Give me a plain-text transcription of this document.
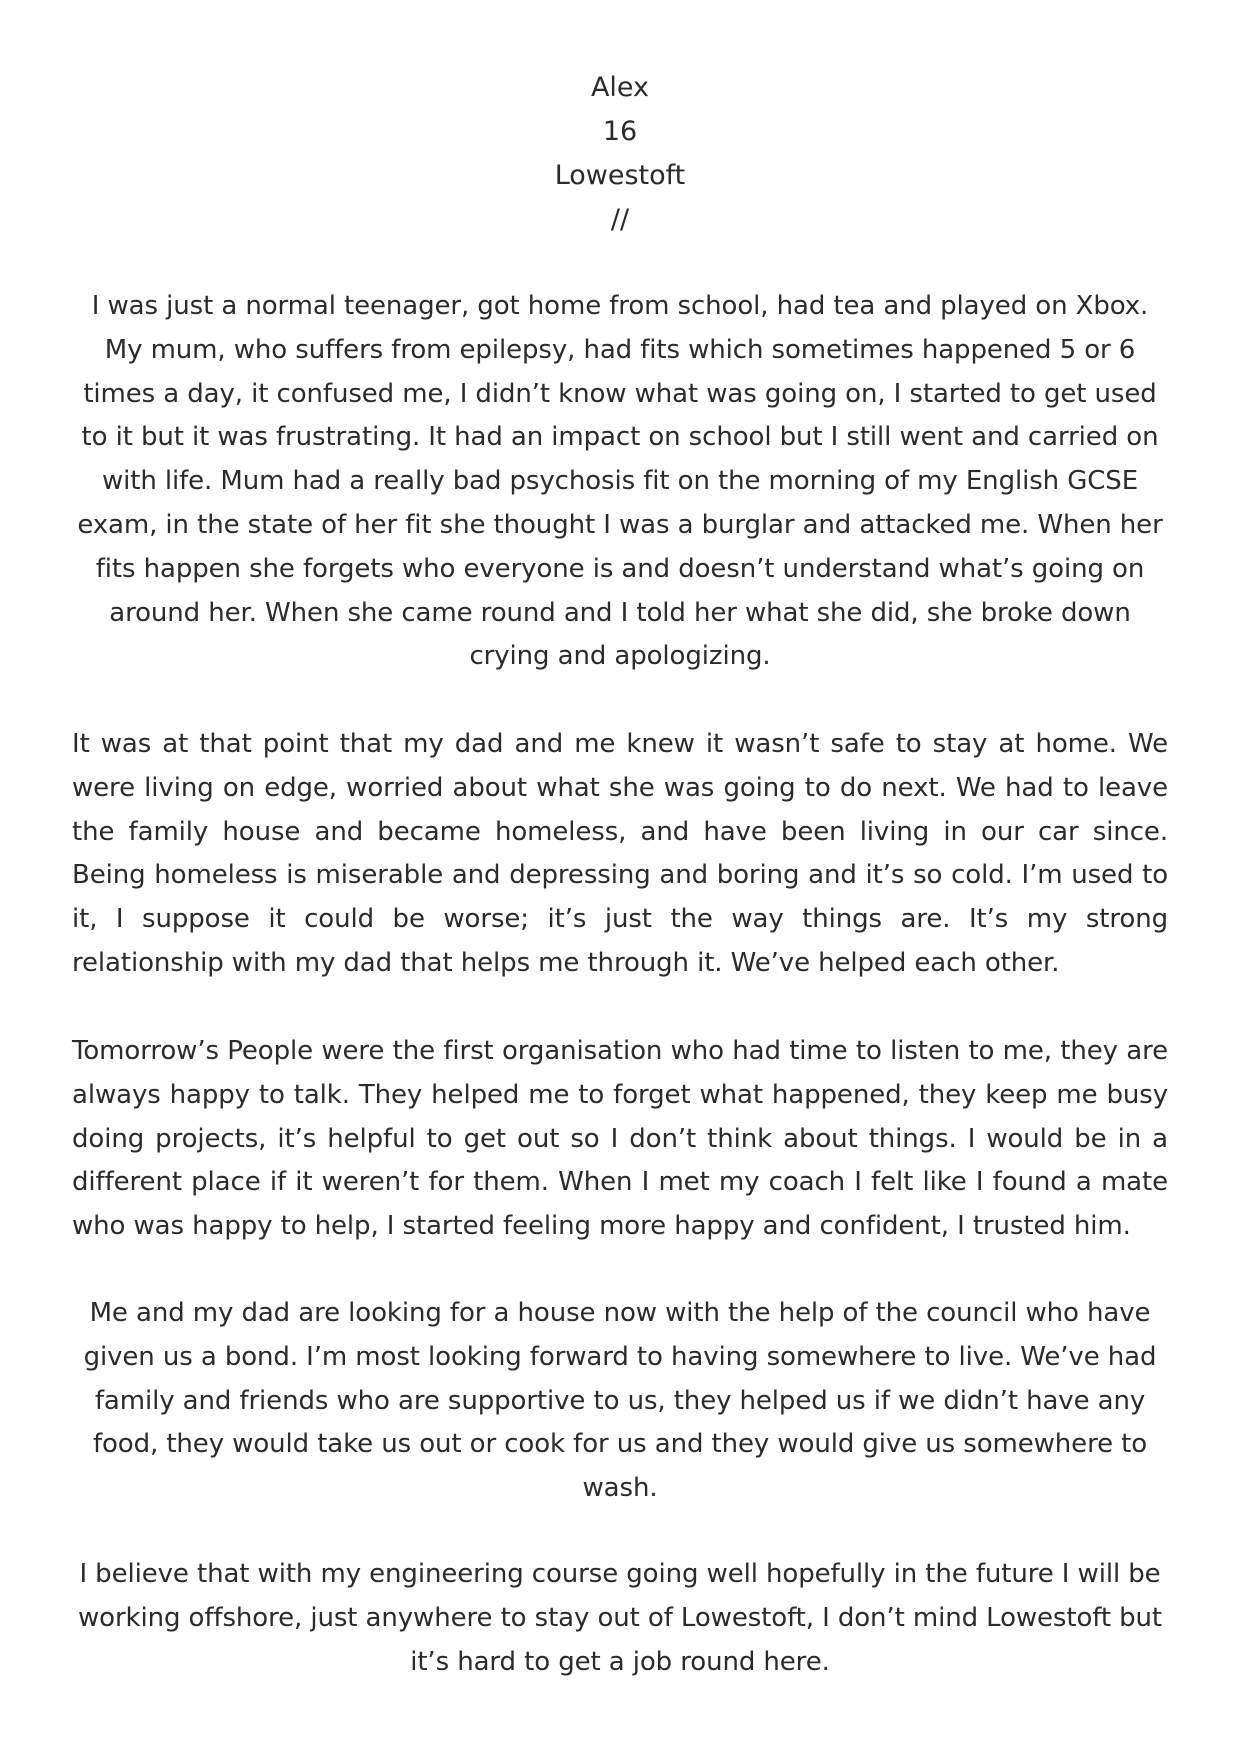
Alex
16
Lowestoft
//

I was just a normal teenager, got home from school, had tea and played on Xbox. My mum, who suffers from epilepsy, had fits which sometimes happened 5 or 6 times a day, it confused me, I didn’t know what was going on, I started to get used to it but it was frustrating. It had an impact on school but I still went and carried on with life. Mum had a really bad psychosis fit on the morning of my English GCSE exam, in the state of her fit she thought I was a burglar and attacked me. When her fits happen she forgets who everyone is and doesn’t understand what’s going on around her. When she came round and I told her what she did, she broke down crying and apologizing.

It was at that point that my dad and me knew it wasn’t safe to stay at home. We were living on edge, worried about what she was going to do next. We had to leave the family house and became homeless, and have been living in our car since. Being homeless is miserable and depressing and boring and it’s so cold. I’m used to it, I suppose it could be worse; it’s just the way things are. It’s my strong relationship with my dad that helps me through it. We’ve helped each other.

Tomorrow’s People were the first organisation who had time to listen to me, they are always happy to talk. They helped me to forget what happened, they keep me busy doing projects, it’s helpful to get out so I don’t think about things. I would be in a different place if it weren’t for them. When I met my coach I felt like I found a mate who was happy to help, I started feeling more happy and confident, I trusted him.

Me and my dad are looking for a house now with the help of the council who have given us a bond. I’m most looking forward to having somewhere to live. We’ve had family and friends who are supportive to us, they helped us if we didn’t have any food, they would take us out or cook for us and they would give us somewhere to wash.

I believe that with my engineering course going well hopefully in the future I will be working offshore, just anywhere to stay out of Lowestoft, I don’t mind Lowestoft but it’s hard to get a job round here.
